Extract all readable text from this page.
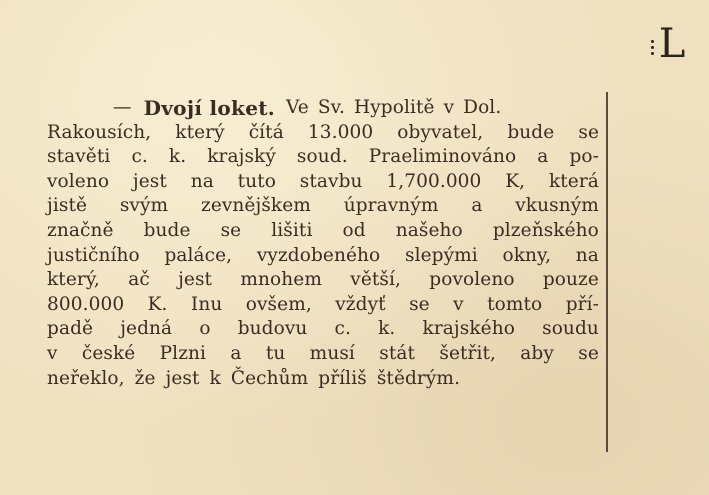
L
— Dvojí loket. Ve Sv. Hypolitě v Dol.
Rakousích, který čítá 13.000 obyvatel, bude se
stavěti c. k. krajský soud. Praeliminováno a po-
voleno jest na tuto stavbu 1,700.000 K, která
jistě svým zevnějškem úpravným a vkusným
značně bude se lišiti od našeho plzeňského
justičního paláce, vyzdobeného slepými okny, na
který, ač jest mnohem větší, povoleno pouze
800.000 K. Inu ovšem, vždyť se v tomto pří-
padě jedná o budovu c. k. krajského soudu
v české Plzni a tu musí stát šetřit, aby se
neřeklo, že jest k Čechům příliš štědrým.
